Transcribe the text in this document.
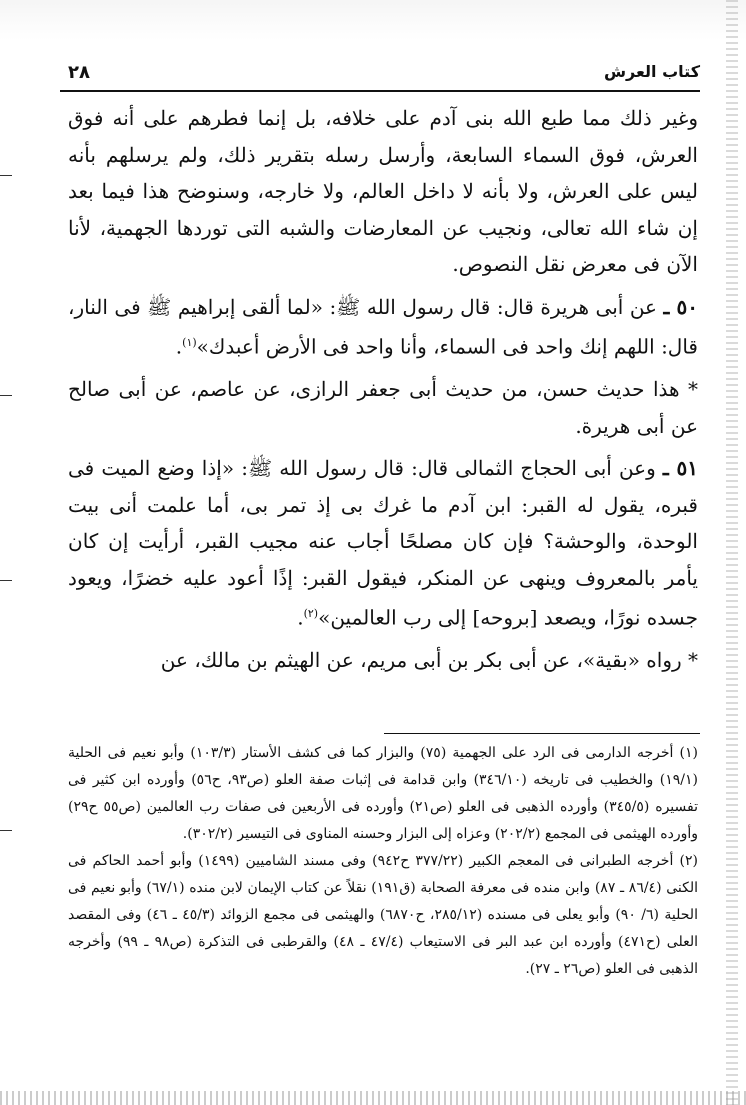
كتاب العرش
٢٨

وغير ذلك مما طبع الله بنى آدم على خلافه، بل إنما فطرهم على أنه فوق العرش، فوق السماء السابعة، وأرسل رسله بتقرير ذلك، ولم يرسلهم بأنه ليس على العرش، ولا بأنه لا داخل العالم، ولا خارجه، وسنوضح هذا فيما بعد إن شاء الله تعالى، ونجيب عن المعارضات والشبه التى توردها الجهمية، لأنا الآن فى معرض نقل النصوص.

٥٠ ـ عن أبى هريرة قال: قال رسول الله ﷺ: «لما ألقى إبراهيم ﷺ فى النار، قال: اللهم إنك واحد فى السماء، وأنا واحد فى الأرض أعبدك»$^{(١)}$.

* هذا حديث حسن، من حديث أبى جعفر الرازى، عن عاصم، عن أبى صالح عن أبى هريرة.

٥١ ـ وعن أبى الحجاج الثمالى قال: قال رسول الله ﷺ: «إذا وضع الميت فى قبره، يقول له القبر: ابن آدم ما غرك بى إذ تمر بى، أما علمت أنى بيت الوحدة، والوحشة؟ فإن كان مصلحًا أجاب عنه مجيب القبر، أرأيت إن كان يأمر بالمعروف وينهى عن المنكر، فيقول القبر: إذًا أعود عليه خضرًا، ويعود جسده نورًا، ويصعد [بروحه] إلى رب العالمين»$^{(٢)}$.

* رواه «بقية»، عن أبى بكر بن أبى مريم، عن الهيثم بن مالك، عن

(١) أخرجه الدارمى فى الرد على الجهمية (٧٥) والبزار كما فى كشف الأستار (١٠٣/٣) وأبو نعيم فى الحلية (١٩/١) والخطيب فى تاريخه (٣٤٦/١٠) وابن قدامة فى إثبات صفة العلو (ص٩٣، ح٥٦) وأورده ابن كثير فى تفسيره (٣٤٥/٥) وأورده الذهبى فى العلو (ص٢١) وأورده فى الأربعين فى صفات رب العالمين (ص٥٥ ح٢٩) وأورده الهيثمى فى المجمع (٢٠٢/٢) وعزاه إلى البزار وحسنه المناوى فى التيسير (٣٠٢/٢).

(٢) أخرجه الطبرانى فى المعجم الكبير (٣٧٧/٢٢ ح٩٤٢) وفى مسند الشاميين (١٤٩٩) وأبو أحمد الحاكم فى الكنى (٨٦/٤ ـ ٨٧) وابن منده فى معرفة الصحابة (ق١٩١) نقلاً عن كتاب الإيمان لابن منده (٦٧/١) وأبو نعيم فى الحلية (٦/ ٩٠) وأبو يعلى فى مسنده (٢٨٥/١٢، ح٦٨٧٠) والهيثمى فى مجمع الزوائد (٤٥/٣ ـ ٤٦) وفى المقصد العلى (ح٤٧١) وأورده ابن عبد البر فى الاستيعاب (٤٧/٤ ـ ٤٨) والقرطبى فى التذكرة (ص٩٨ ـ ٩٩) وأخرجه الذهبى فى العلو (ص٢٦ ـ ٢٧).
